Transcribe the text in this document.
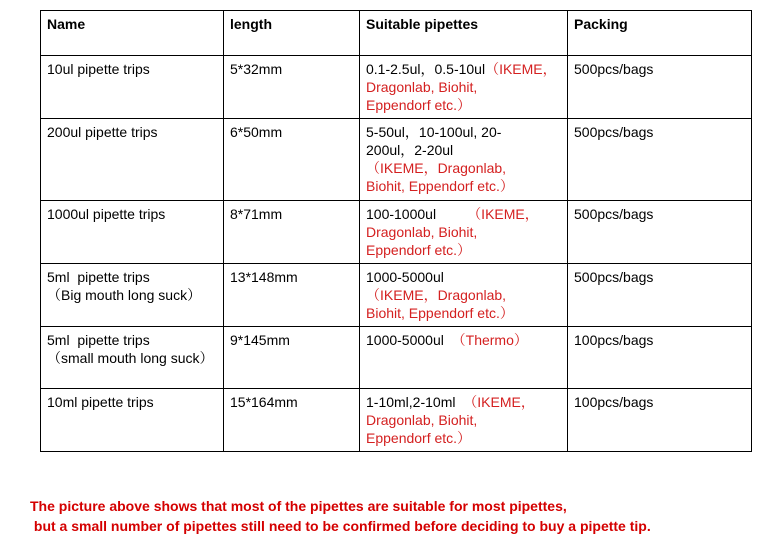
Name	length	Suitable pipettes	Packing

10ul pipette trips	5*32mm	0.1-2.5ul，0.5-10ul（IKEME，
Dragonlab, Biohit,
Eppendorf etc.）	500pcs/bags

200ul pipette trips	6*50mm	5-50ul，10-100ul, 20-
200ul，2-20ul
（IKEME，Dragonlab,
Biohit, Eppendorf etc.）	500pcs/bags

1000ul pipette trips	8*71mm	100-1000ul        （IKEME，
Dragonlab, Biohit,
Eppendorf etc.）	500pcs/bags

5ml  pipette trips
（Big mouth long suck）	13*148mm	1000-5000ul
（IKEME，Dragonlab,
Biohit, Eppendorf etc.）	500pcs/bags

5ml  pipette trips
（small mouth long suck）	9*145mm	1000-5000ul  （Thermo）	100pcs/bags

10ml pipette trips	15*164mm	1-10ml,2-10ml  （IKEME，
Dragonlab, Biohit,
Eppendorf etc.）	100pcs/bags
The picture above shows that most of the pipettes are suitable for most pipettes,
but a small number of pipettes still need to be confirmed before deciding to buy a pipette tip.
